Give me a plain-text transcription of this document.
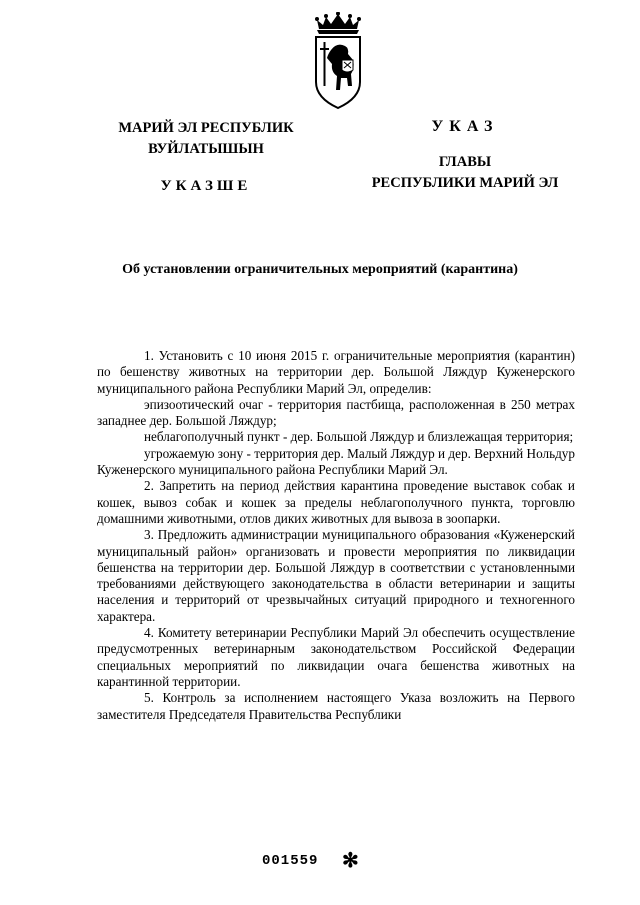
МАРИЙ ЭЛ РЕСПУБЛИК
ВУЙЛАТЫШЫН
УКАЗШЕ
УКАЗ
ГЛАВЫ
РЕСПУБЛИКИ МАРИЙ ЭЛ
Об установлении ограничительных мероприятий (карантина)

1. Установить с 10 июня 2015 г. ограничительные мероприятия (карантин) по бешенству животных на территории дер. Большой Ляждур Куженерского муниципального района Республики Марий Эл, определив:

эпизоотический очаг - территория пастбища, расположенная в 250 метрах западнее дер. Большой Ляждур;

неблагополучный пункт - дер. Большой Ляждур и близлежащая территория;

угрожаемую зону - территория дер. Малый Ляждур и дер. Верхний Нольдур Куженерского муниципального района Республики Марий Эл.

2. Запретить на период действия карантина проведение выставок собак и кошек, вывоз собак и кошек за пределы неблагополучного пункта, торговлю домашними животными, отлов диких животных для вывоза в зоопарки.

3. Предложить администрации муниципального образования «Куженерский муниципальный район» организовать и провести мероприятия по ликвидации бешенства на территории дер. Большой Ляждур в соответствии с установленными требованиями действующего законодательства в области ветеринарии и защиты населения и территорий от чрезвычайных ситуаций природного и техногенного характера.

4. Комитету ветеринарии Республики Марий Эл обеспечить осуществление предусмотренных ветеринарным законодательством Российской Федерации специальных мероприятий по ликвидации очага бешенства животных на карантинной территории.

5. Контроль за исполнением настоящего Указа возложить на Первого заместителя Председателя Правительства Республики

001559 ✻
